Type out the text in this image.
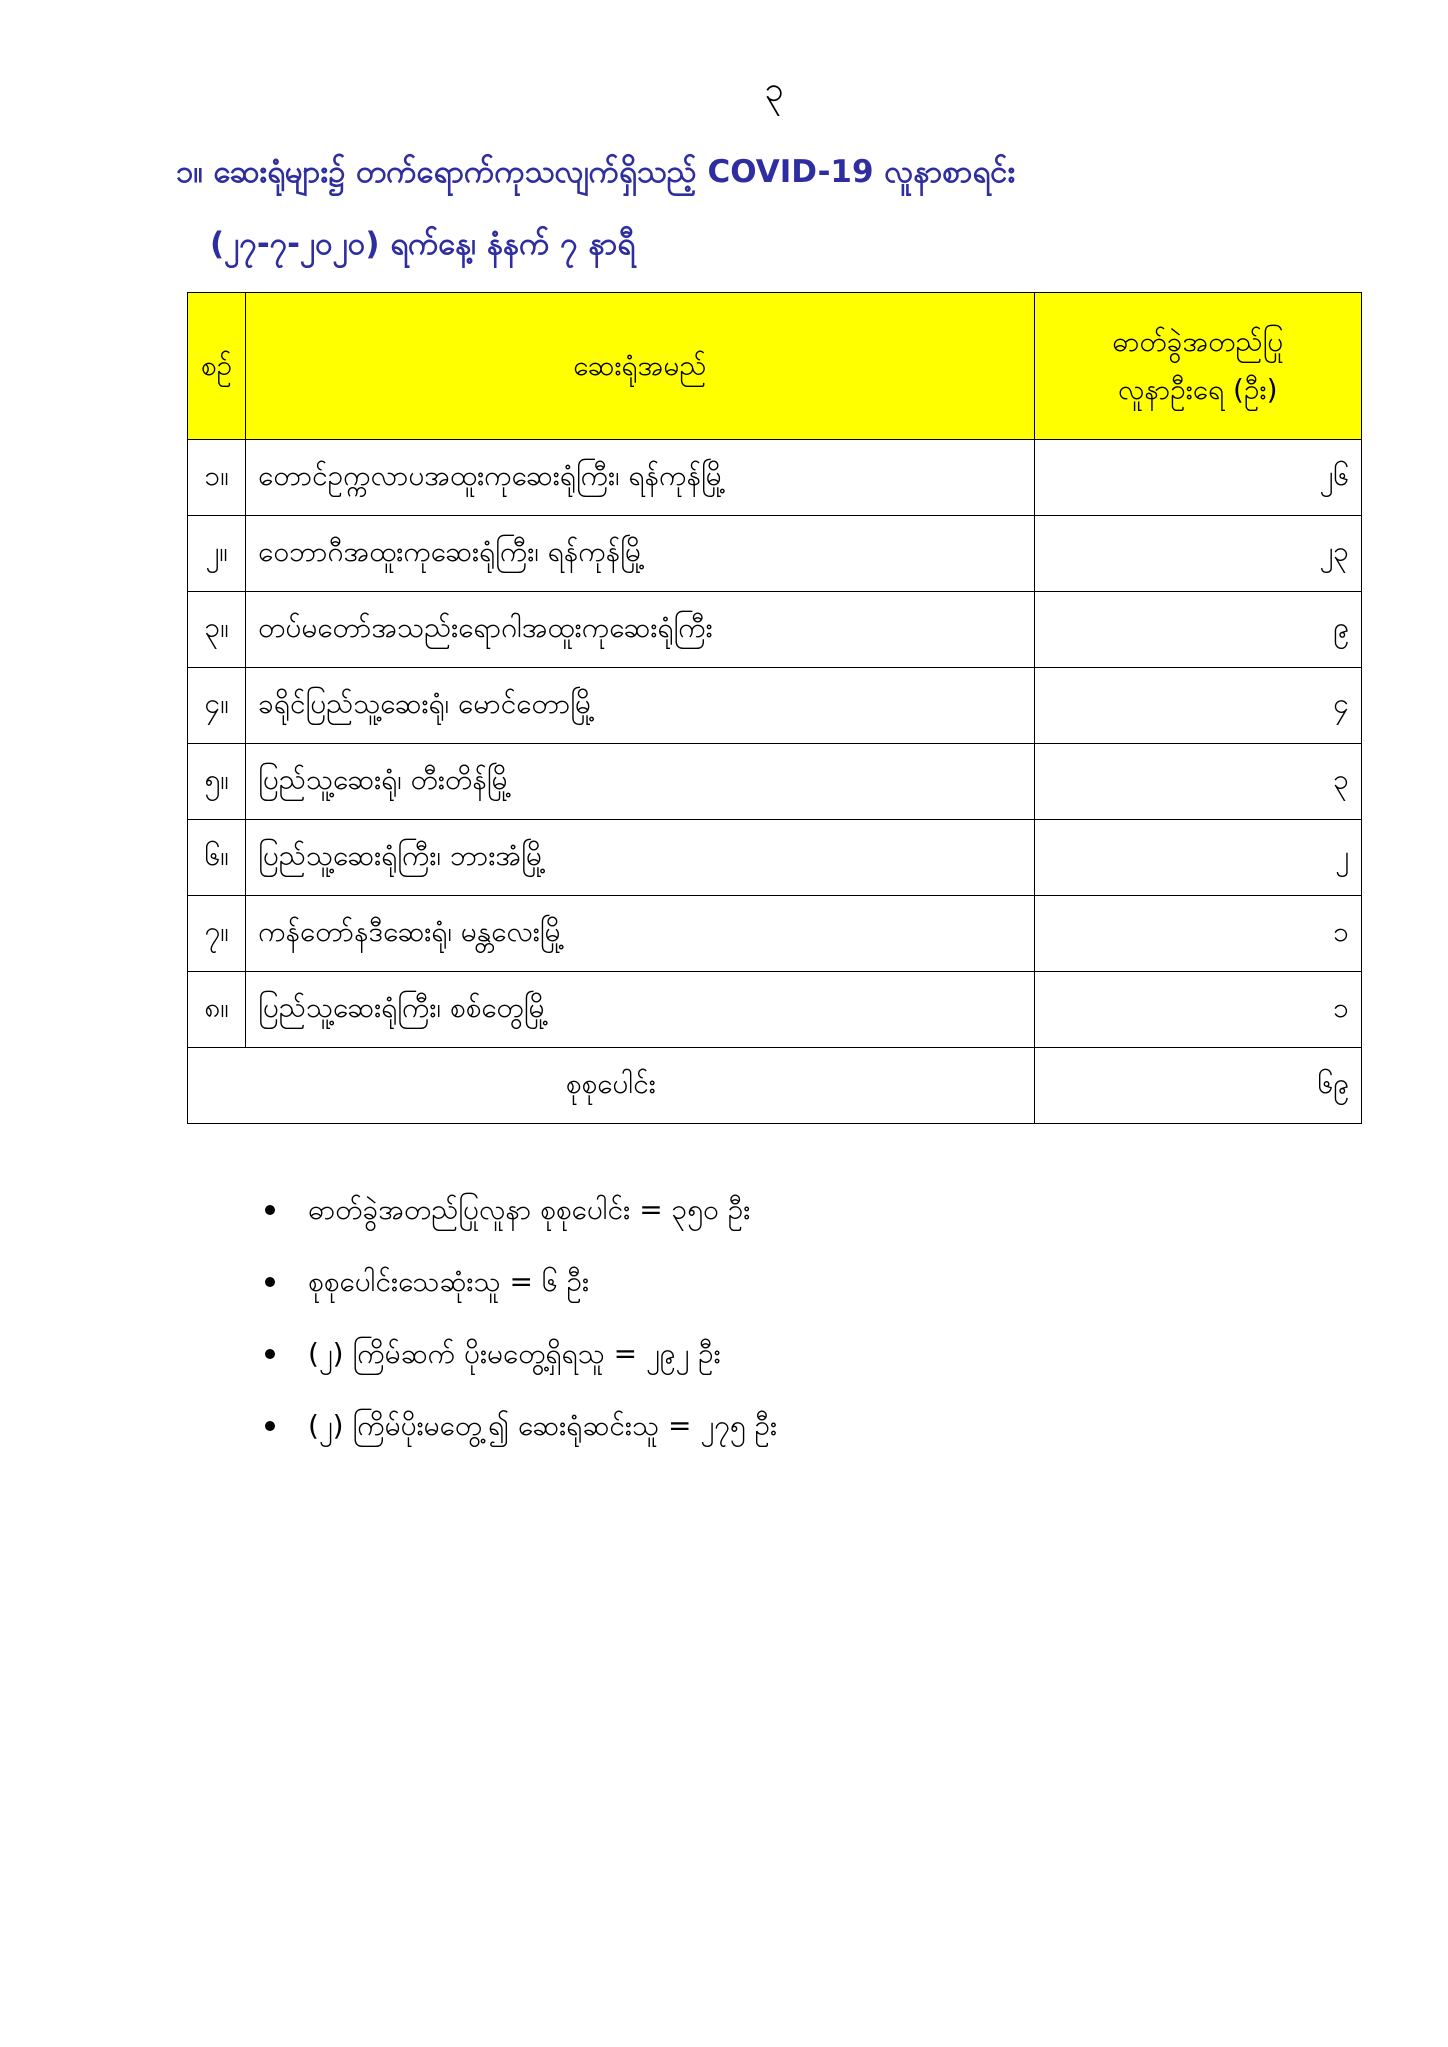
၃
၁။ ဆေးရုံများ၌ တက်ရောက်ကုသလျက်ရှိသည့် COVID-19 လူနာစာရင်း
(၂၇-၇-၂၀၂၀) ရက်နေ့၊ နံနက် ၇ နာရီ
စဉ်	ဆေးရုံအမည်	ဓာတ်ခွဲအတည်ပြု
လူနာဦးရေ (ဦး)

၁။	တောင်ဥက္ကလာပအထူးကုဆေးရုံကြီး၊ ရန်ကုန်မြို့	၂၆
၂။	ဝေဘာဂီအထူးကုဆေးရုံကြီး၊ ရန်ကုန်မြို့	၂၃
၃။	တပ်မတော်အသည်းရောဂါအထူးကုဆေးရုံကြီး	၉
၄။	ခရိုင်ပြည်သူ့ဆေးရုံ၊ မောင်တောမြို့	၄
၅။	ပြည်သူ့ဆေးရုံ၊ တီးတိန်မြို့	၃
၆။	ပြည်သူ့ဆေးရုံကြီး၊ ဘားအံမြို့	၂
၇။	ကန်တော်နဒီဆေးရုံ၊ မန္တလေးမြို့	၁
၈။	ပြည်သူ့ဆေးရုံကြီး၊ စစ်တွေမြို့	၁
စုစုပေါင်း		၆၉
ဓာတ်ခွဲအတည်ပြုလူနာ စုစုပေါင်း = ၃၅၀ ဦး
စုစုပေါင်းသေဆုံးသူ = ၆ ဦး
(၂) ကြိမ်ဆက် ပိုးမတွေ့ရှိရသူ = ၂၉၂ ဦး
(၂) ကြိမ်ပိုးမတွေ့၍ ဆေးရုံဆင်းသူ = ၂၇၅ ဦး
